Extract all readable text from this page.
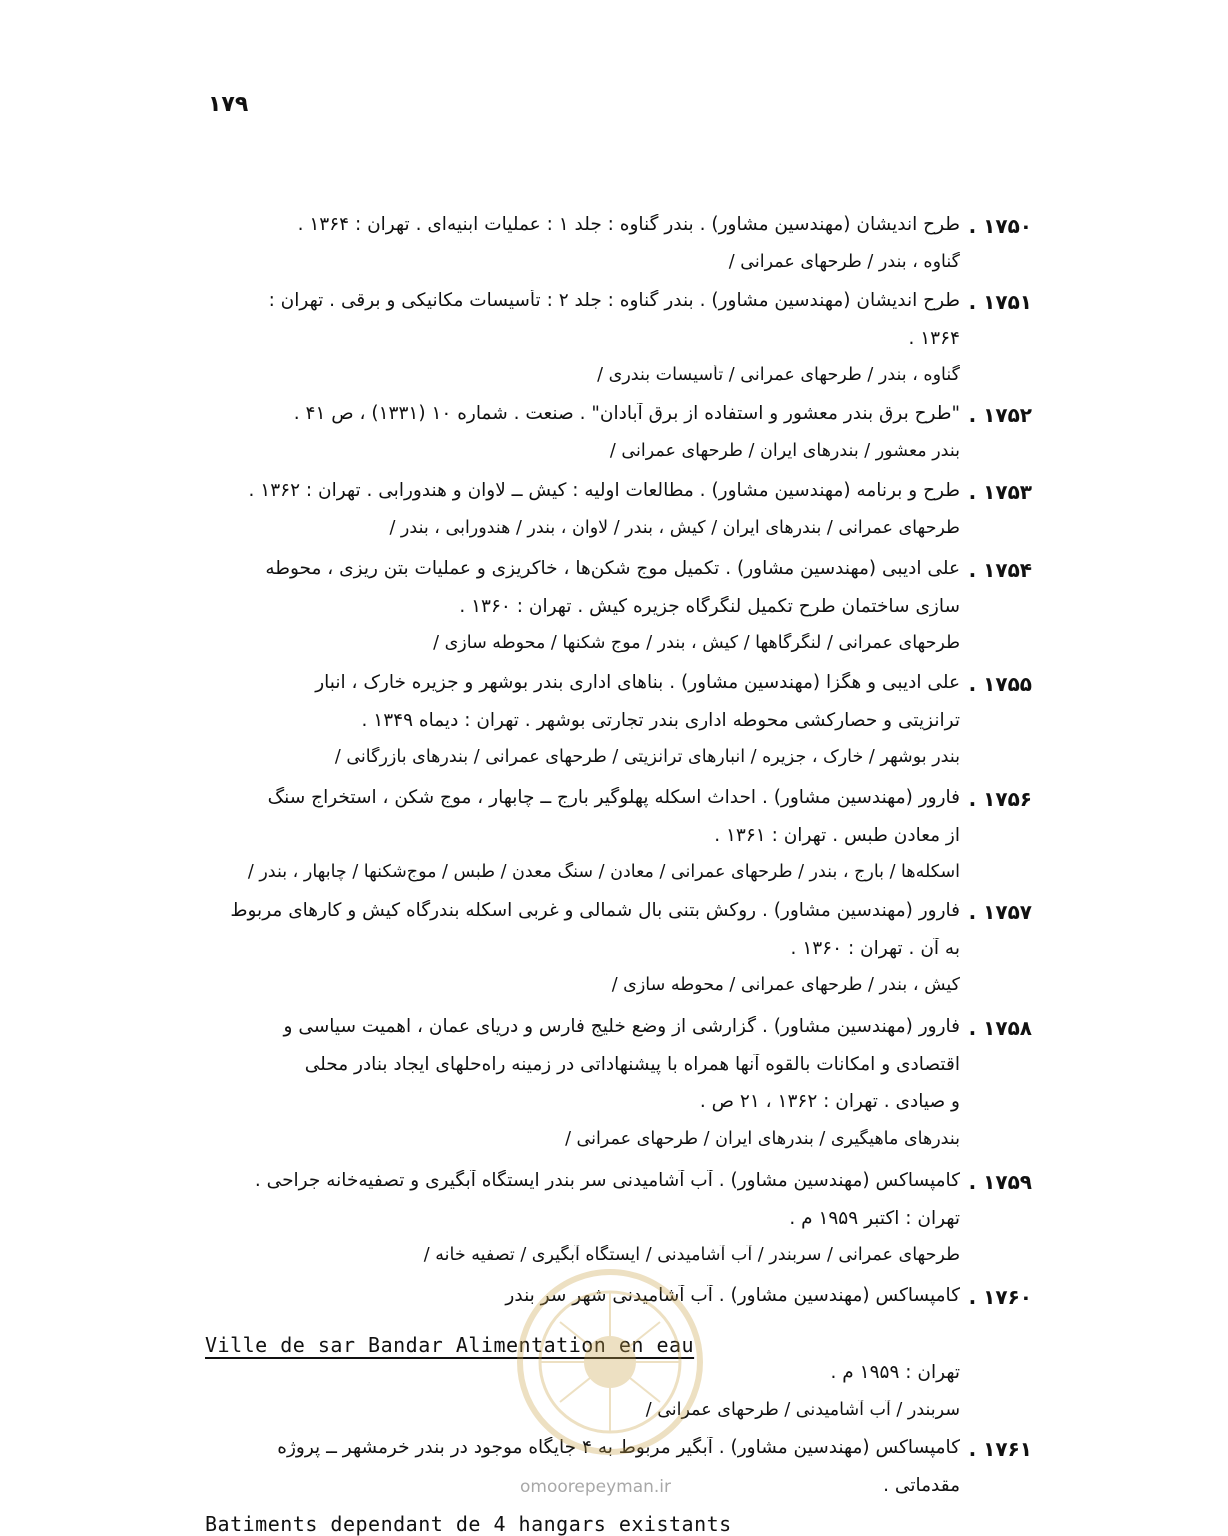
۱۷۹
۱۷۵۰ .
طرح اندیشان (مهندسین مشاور) . بندر گناوه : جلد ۱ : عملیات ابنیه‌ای . تهران : ۱۳۶۴ .
گناوه ، بندر / طرحهای عمرانی /
۱۷۵۱ .
طرح اندیشان (مهندسین مشاور) . بندر گناوه : جلد ۲ : تأسیسات مکانیکی و برقی . تهران :
۱۳۶۴ .
گناوه ، بندر / طرحهای عمرانی / تأسیسات بندری /
۱۷۵۲ .
"طرح برق بندر معشور و استفاده از برق آبادان" . صنعت . شماره ۱۰ (۱۳۳۱) ، ص ۴۱ .
بندر معشور / بندرهای ایران / طرحهای عمرانی /
۱۷۵۳ .
طرح و برنامه (مهندسین مشاور) . مطالعات اولیه : کیش ــ لاوان و هندورابی . تهران : ۱۳۶۲ .
طرحهای عمرانی / بندرهای ایران / کیش ، بندر / لاوان ، بندر / هندورابی ، بندر /
۱۷۵۴ .
علی ادیبی (مهندسین مشاور) . تکمیل موج شکن‌ها ، خاکریزی و عملیات بتن ریزی ، محوطه
سازی ساختمان طرح تکمیل لنگرگاه جزیره کیش . تهران : ۱۳۶۰ .
طرحهای عمرانی / لنگرگاهها / کیش ، بندر / موج شکنها / محوطه سازی /
۱۷۵۵ .
علی ادیبی و هگزا (مهندسین مشاور) . بناهای اداری بندر بوشهر و جزیره خارک ، انبار
ترانزیتی و حصارکشی محوطه اداری بندر تجارتی بوشهر . تهران : دیماه ۱۳۴۹ .
بندر بوشهر / خارک ، جزیره / انبارهای ترانزیتی / طرحهای عمرانی / بندرهای بازرگانی /
۱۷۵۶ .
فارور (مهندسین مشاور) . احداث اسکله پهلوگیر بارج ــ چابهار ، موج شکن ، استخراج سنگ
از معادن طبس . تهران : ۱۳۶۱ .
اسکله‌ها / بارج ، بندر / طرحهای عمرانی / معادن / سنگ معدن / طبس / موج‌شکنها / چابهار ، بندر /
۱۷۵۷ .
فارور (مهندسین مشاور) . روکش بتنی بال شمالی و غربی اسکله بندرگاه کیش و کارهای مربوط
به آن . تهران : ۱۳۶۰ .
کیش ، بندر / طرحهای عمرانی / محوطه سازی /
۱۷۵۸ .
فارور (مهندسین مشاور) . گزارشی از وضع خلیج فارس و دریای عمان ، اهمیت سیاسی و
اقتصادی و امکانات بالقوه آنها همراه با پیشنهاداتی در زمینه راه‌حلهای ایجاد بنادر محلی
و صیادی . تهران : ۱۳۶۲ ، ۲۱ ص .
بندرهای ماهیگیری / بندرهای ایران / طرحهای عمرانی /
۱۷۵۹ .
کامپساکس (مهندسین مشاور) . آب آشامیدنی سر بندر ایستگاه آبگیری و تصفیه‌خانه جراحی .
تهران : اکتبر ۱۹۵۹ م .
طرحهای عمرانی / سربندر / آب آشامیدنی / ایستگاه آبگیری / تصفیه خانه /
۱۷۶۰ .
کامپساکس (مهندسین مشاور) . آب آشامیدنی شهر سر بندر
Ville de sar Bandar Alimentation en eau
تهران : ۱۹۵۹ م .
سربندر / آب آشامیدنی / طرحهای عمرانی /
۱۷۶۱ .
کامپساکس (مهندسین مشاور) . آبگیر مربوط به ۴ جایگاه موجود در بندر خرمشهر ــ پروژه
مقدماتی .
Batiments dependant de 4 hangars existants
omoorepeyman.ir
